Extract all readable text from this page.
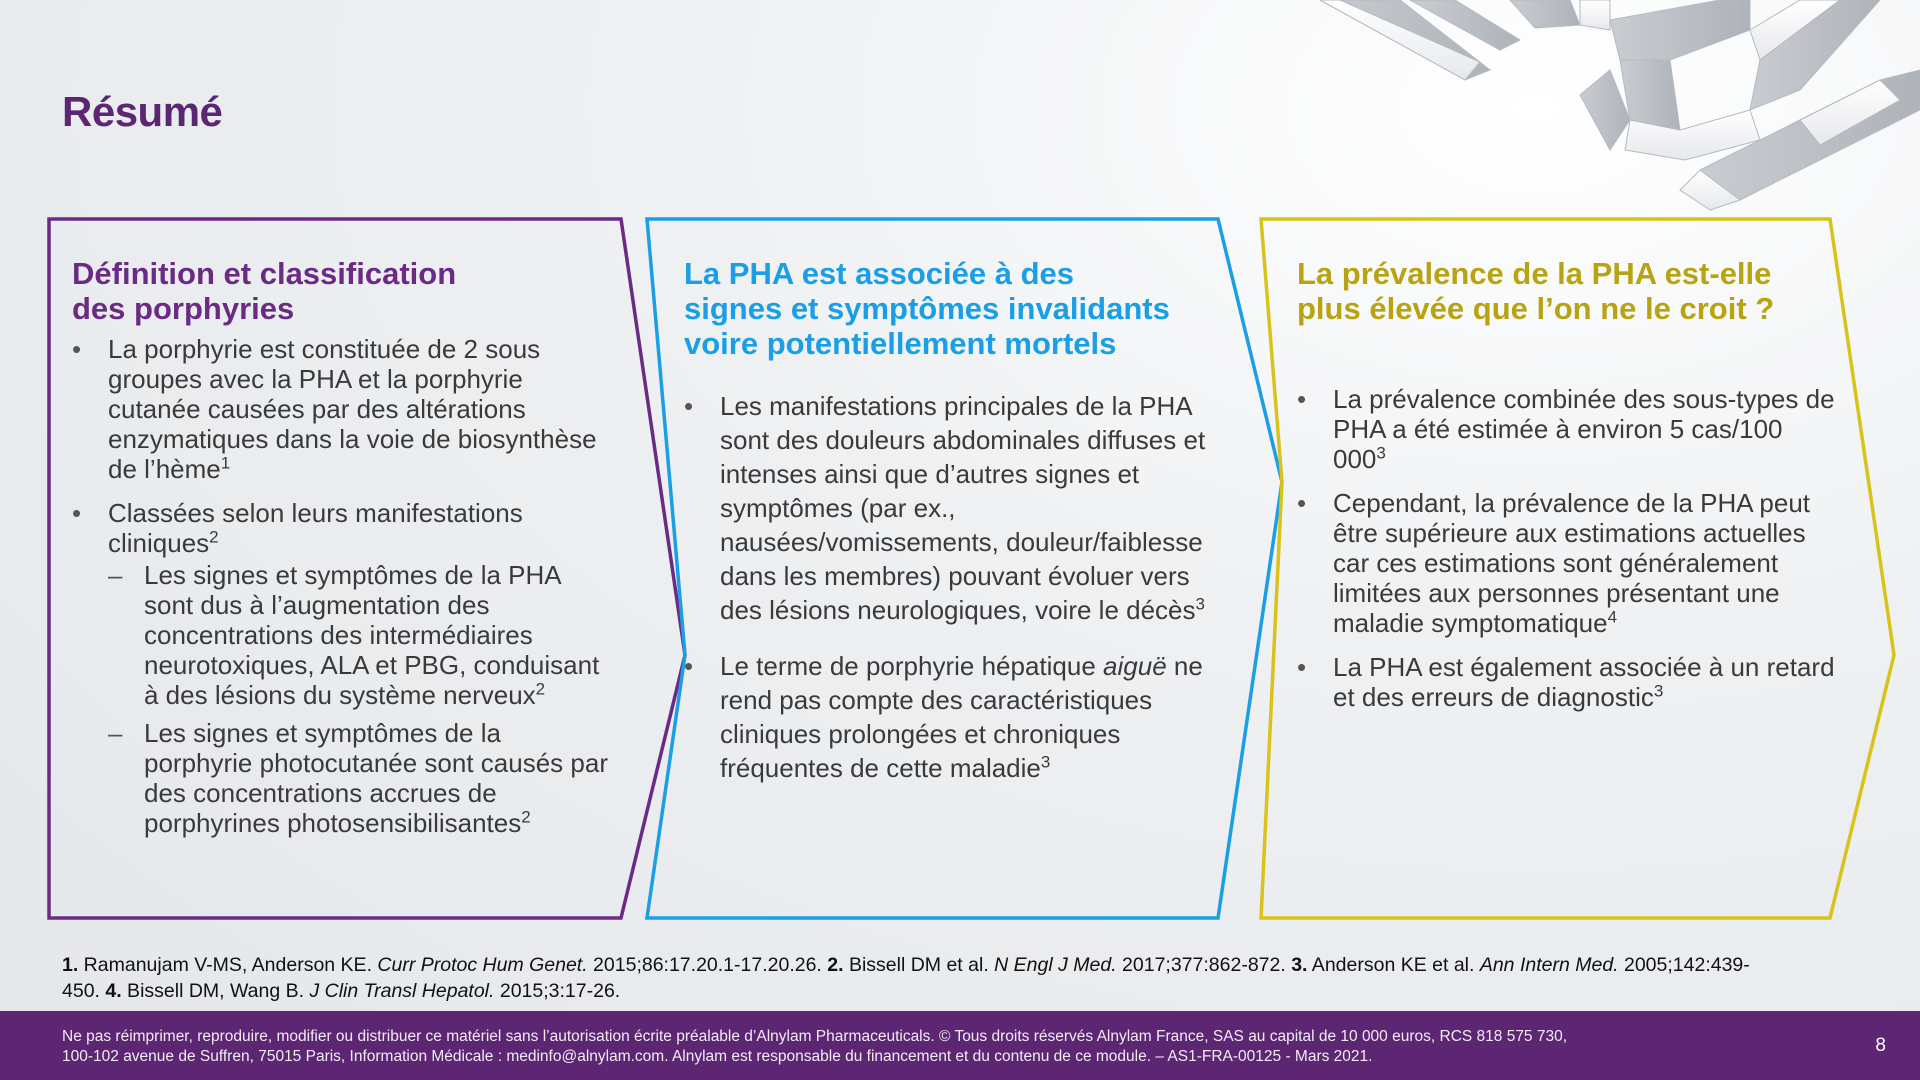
Résumé
Définition et classification
des porphyries
• La porphyrie est constituée de 2 sous groupes avec la PHA et la porphyrie cutanée causées par des altérations enzymatiques dans la voie de biosynthèse de l’hème$^1$
• Classées selon leurs manifestations cliniques$^2$
– Les signes et symptômes de la PHA sont dus à l’augmentation des concentrations des intermédiaires neurotoxiques, ALA et PBG, conduisant à des lésions du système nerveux$^2$
– Les signes et symptômes de la porphyrie photocutanée sont causés par des concentrations accrues de porphyrines photosensibilisantes$^2$
La PHA est associée à des
signes et symptômes invalidants
voire potentiellement mortels
• Les manifestations principales de la PHA sont des douleurs abdominales diffuses et intenses ainsi que d’autres signes et symptômes (par ex., nausées/vomissements, douleur/faiblesse dans les membres) pouvant évoluer vers des lésions neurologiques, voire le décès$^3$
• Le terme de porphyrie hépatique aiguë ne rend pas compte des caractéristiques cliniques prolongées et chroniques fréquentes de cette maladie$^3$
La prévalence de la PHA est-elle
plus élevée que l’on ne le croit ?
• La prévalence combinée des sous-types de PHA a été estimée à environ 5 cas/100 $000^3$
• Cependant, la prévalence de la PHA peut être supérieure aux estimations actuelles car ces estimations sont généralement limitées aux personnes présentant une maladie symptomatique$^4$
• La PHA est également associée à un retard et des erreurs de diagnostic$^3$
1. Ramanujam V-MS, Anderson KE. Curr Protoc Hum Genet. 2015;86:17.20.1-17.20.26. 2. Bissell DM et al. N Engl J Med. 2017;377:862-872. 3. Anderson KE et al. Ann Intern Med. 2005;142:439-450. 4. Bissell DM, Wang B. J Clin Transl Hepatol. 2015;3:17-26.
Ne pas réimprimer, reproduire, modifier ou distribuer ce matériel sans l’autorisation écrite préalable d’Alnylam Pharmaceuticals. © Tous droits réservés Alnylam France, SAS au capital de 10 000 euros, RCS 818 575 730,
100-102 avenue de Suffren, 75015 Paris, Information Médicale : medinfo@alnylam.com. Alnylam est responsable du financement et du contenu de ce module. – AS1-FRA-00125 - Mars 2021.
8
